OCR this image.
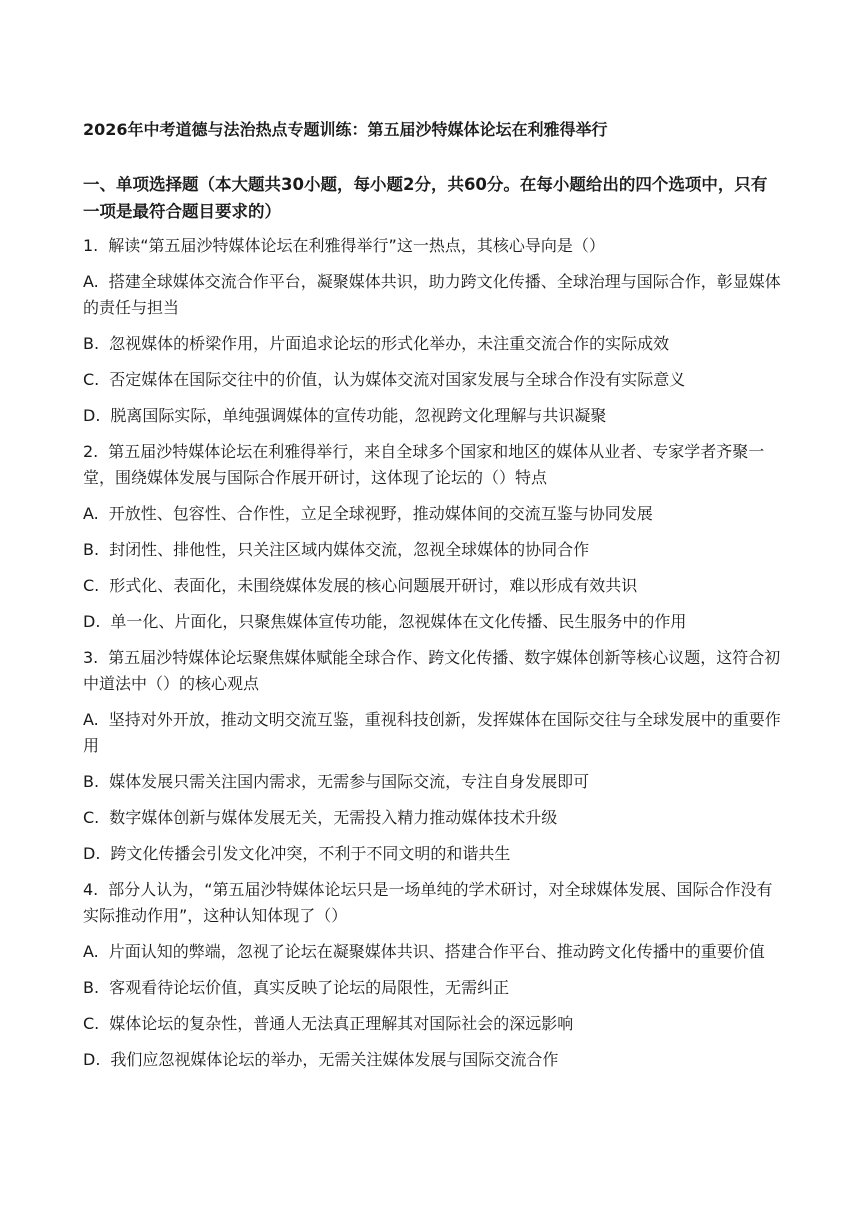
2026年中考道德与法治热点专题训练：第五届沙特媒体论坛在利雅得举行
一、单项选择题（本大题共30小题，每小题2分，共60分。在每小题给出的四个选项中，只有一项是最符合题目要求的）
1. 解读“第五届沙特媒体论坛在利雅得举行”这一热点，其核心导向是（）
A. 搭建全球媒体交流合作平台，凝聚媒体共识，助力跨文化传播、全球治理与国际合作，彰显媒体的责任与担当
B. 忽视媒体的桥梁作用，片面追求论坛的形式化举办，未注重交流合作的实际成效
C. 否定媒体在国际交往中的价值，认为媒体交流对国家发展与全球合作没有实际意义
D. 脱离国际实际，单纯强调媒体的宣传功能，忽视跨文化理解与共识凝聚
2. 第五届沙特媒体论坛在利雅得举行，来自全球多个国家和地区的媒体从业者、专家学者齐聚一堂，围绕媒体发展与国际合作展开研讨，这体现了论坛的（）特点
A. 开放性、包容性、合作性，立足全球视野，推动媒体间的交流互鉴与协同发展
B. 封闭性、排他性，只关注区域内媒体交流，忽视全球媒体的协同合作
C. 形式化、表面化，未围绕媒体发展的核心问题展开研讨，难以形成有效共识
D. 单一化、片面化，只聚焦媒体宣传功能，忽视媒体在文化传播、民生服务中的作用
3. 第五届沙特媒体论坛聚焦媒体赋能全球合作、跨文化传播、数字媒体创新等核心议题，这符合初中道法中（）的核心观点
A. 坚持对外开放，推动文明交流互鉴，重视科技创新，发挥媒体在国际交往与全球发展中的重要作用
B. 媒体发展只需关注国内需求，无需参与国际交流，专注自身发展即可
C. 数字媒体创新与媒体发展无关，无需投入精力推动媒体技术升级
D. 跨文化传播会引发文化冲突，不利于不同文明的和谐共生
4. 部分人认为，“第五届沙特媒体论坛只是一场单纯的学术研讨，对全球媒体发展、国际合作没有实际推动作用”，这种认知体现了（）
A. 片面认知的弊端，忽视了论坛在凝聚媒体共识、搭建合作平台、推动跨文化传播中的重要价值
B. 客观看待论坛价值，真实反映了论坛的局限性，无需纠正
C. 媒体论坛的复杂性，普通人无法真正理解其对国际社会的深远影响
D. 我们应忽视媒体论坛的举办，无需关注媒体发展与国际交流合作
